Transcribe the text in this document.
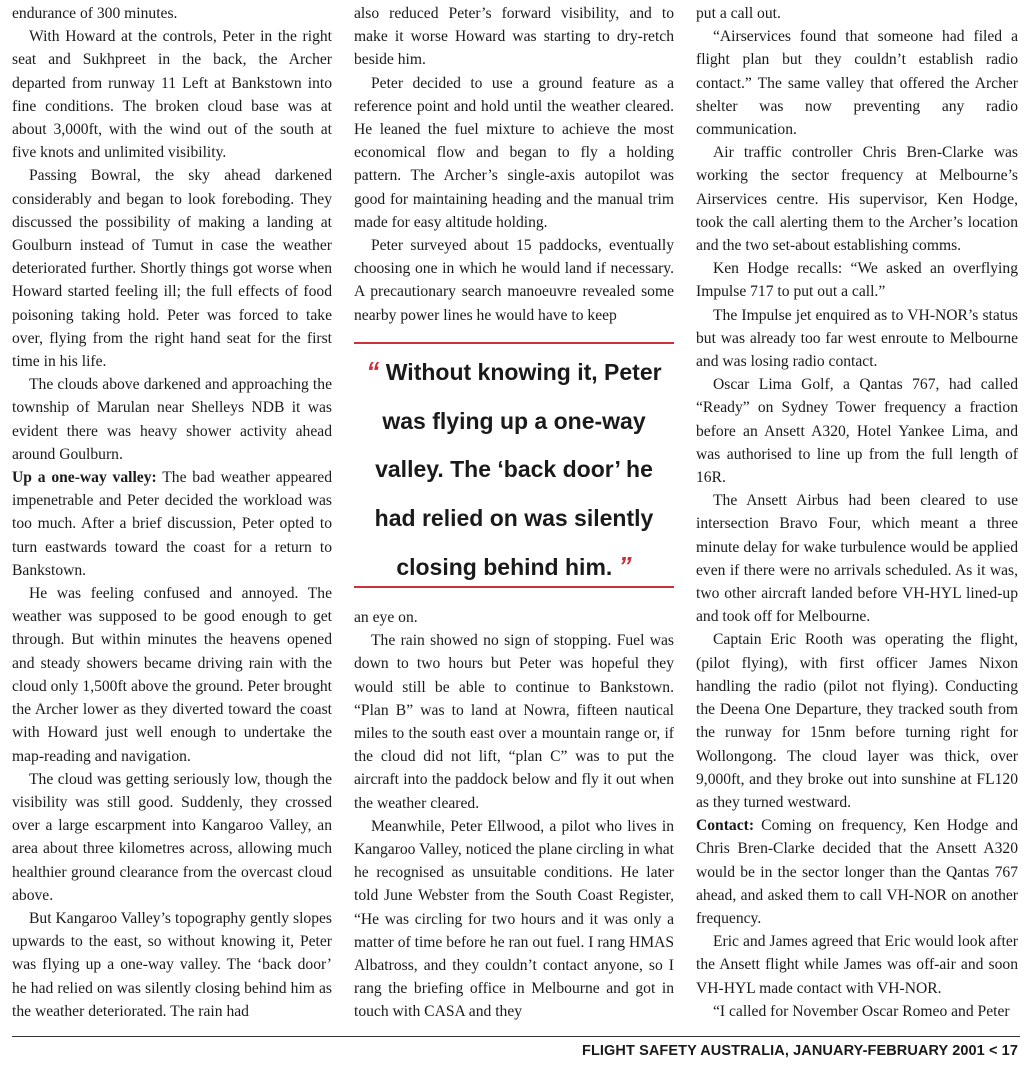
endurance of 300 minutes.

With Howard at the controls, Peter in the right seat and Sukhpreet in the back, the Archer departed from runway 11 Left at Bankstown into fine conditions. The broken cloud base was at about 3,000ft, with the wind out of the south at five knots and unlimited visibility.

Passing Bowral, the sky ahead darkened considerably and began to look foreboding. They discussed the possibility of making a landing at Goulburn instead of Tumut in case the weather deteriorated further. Shortly things got worse when Howard started feeling ill; the full effects of food poisoning taking hold. Peter was forced to take over, flying from the right hand seat for the first time in his life.

The clouds above darkened and approaching the township of Marulan near Shelleys NDB it was evident there was heavy shower activity ahead around Goulburn.

Up a one-way valley: The bad weather appeared impenetrable and Peter decided the workload was too much. After a brief discussion, Peter opted to turn eastwards toward the coast for a return to Bankstown.

He was feeling confused and annoyed. The weather was supposed to be good enough to get through. But within minutes the heavens opened and steady showers became driving rain with the cloud only 1,500ft above the ground. Peter brought the Archer lower as they diverted toward the coast with Howard just well enough to undertake the map-reading and navigation.

The cloud was getting seriously low, though the visibility was still good. Suddenly, they crossed over a large escarpment into Kangaroo Valley, an area about three kilometres across, allowing much healthier ground clearance from the overcast cloud above.

But Kangaroo Valley’s topography gently slopes upwards to the east, so without knowing it, Peter was flying up a one-way valley. The ‘back door’ he had relied on was silently closing behind him as the weather deteriorated. The rain had

also reduced Peter’s forward visibility, and to make it worse Howard was starting to dry-retch beside him.

Peter decided to use a ground feature as a reference point and hold until the weather cleared. He leaned the fuel mixture to achieve the most economical flow and began to fly a holding pattern. The Archer’s single-axis autopilot was good for maintaining heading and the manual trim made for easy altitude holding.

Peter surveyed about 15 paddocks, eventually choosing one in which he would land if necessary. A precautionary search manoeuvre revealed some nearby power lines he would have to keep

“ Without knowing it, Peter
was flying up a one-way
valley. The ‘back door’ he
had relied on was silently
closing behind him. ”

an eye on.

The rain showed no sign of stopping. Fuel was down to two hours but Peter was hopeful they would still be able to continue to Bankstown. “Plan B” was to land at Nowra, fifteen nautical miles to the south east over a mountain range or, if the cloud did not lift, “plan C” was to put the aircraft into the paddock below and fly it out when the weather cleared.

Meanwhile, Peter Ellwood, a pilot who lives in Kangaroo Valley, noticed the plane circling in what he recognised as unsuitable conditions. He later told June Webster from the South Coast Register, “He was circling for two hours and it was only a matter of time before he ran out fuel. I rang HMAS Albatross, and they couldn’t contact anyone, so I rang the briefing office in Melbourne and got in touch with CASA and they

put a call out.

“Airservices found that someone had filed a flight plan but they couldn’t establish radio contact.” The same valley that offered the Archer shelter was now preventing any radio communication.

Air traffic controller Chris Bren-Clarke was working the sector frequency at Melbourne’s Airservices centre. His supervisor, Ken Hodge, took the call alerting them to the Archer’s location and the two set-about establishing comms.

Ken Hodge recalls: “We asked an overflying Impulse 717 to put out a call.”

The Impulse jet enquired as to VH-NOR’s status but was already too far west enroute to Melbourne and was losing radio contact.

Oscar Lima Golf, a Qantas 767, had called “Ready” on Sydney Tower frequency a fraction before an Ansett A320, Hotel Yankee Lima, and was authorised to line up from the full length of 16R.

The Ansett Airbus had been cleared to use intersection Bravo Four, which meant a three minute delay for wake turbulence would be applied even if there were no arrivals scheduled. As it was, two other aircraft landed before VH-HYL lined-up and took off for Melbourne.

Captain Eric Rooth was operating the flight, (pilot flying), with first officer James Nixon handling the radio (pilot not flying). Conducting the Deena One Departure, they tracked south from the runway for 15nm before turning right for Wollongong. The cloud layer was thick, over 9,000ft, and they broke out into sunshine at FL120 as they turned westward.

Contact: Coming on frequency, Ken Hodge and Chris Bren-Clarke decided that the Ansett A320 would be in the sector longer than the Qantas 767 ahead, and asked them to call VH-NOR on another frequency.

Eric and James agreed that Eric would look after the Ansett flight while James was off-air and soon VH-HYL made contact with VH-NOR.

“I called for November Oscar Romeo and Peter

FLIGHT SAFETY AUSTRALIA, JANUARY-FEBRUARY 2001 < 17
